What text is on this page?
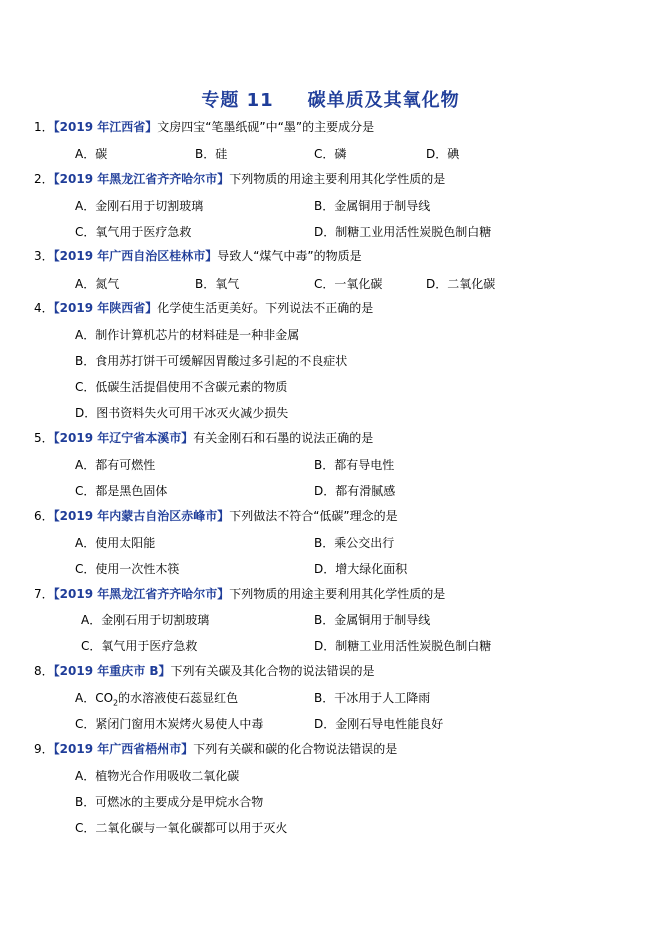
专题 11 碳单质及其氧化物
1．【2019 年江西省】文房四宝“笔墨纸砚”中“墨”的主要成分是
A．碳	B．硅	C．磷	D．碘
2．【2019 年黑龙江省齐齐哈尔市】下列物质的用途主要利用其化学性质的是
A．金刚石用于切割玻璃	B．金属铜用于制导线
C．氧气用于医疗急救	D．制糖工业用活性炭脱色制白糖
3．【2019 年广西自治区桂林市】导致人“煤气中毒”的物质是
A．氮气	B．氧气	C．一氧化碳	D．二氧化碳
4．【2019 年陕西省】化学使生活更美好。下列说法不正确的是
A．制作计算机芯片的材料硅是一种非金属
B．食用苏打饼干可缓解因胃酸过多引起的不良症状
C．低碳生活提倡使用不含碳元素的物质
D．图书资料失火可用干冰灭火减少损失
5．【2019 年辽宁省本溪市】有关金刚石和石墨的说法正确的是
A．都有可燃性	B．都有导电性
C．都是黑色固体	D．都有滑腻感
6．【2019 年内蒙古自治区赤峰市】下列做法不符合“低碳”理念的是
A．使用太阳能	B．乘公交出行
C．使用一次性木筷	D．增大绿化面积
7．【2019 年黑龙江省齐齐哈尔市】下列物质的用途主要利用其化学性质的是
A．金刚石用于切割玻璃	B．金属铜用于制导线
C．氧气用于医疗急救	D．制糖工业用活性炭脱色制白糖
8．【2019 年重庆市 B】下列有关碳及其化合物的说法错误的是
A．$CO_2$的水溶液使石蕊显红色	B．干冰用于人工降雨
C．紧闭门窗用木炭烤火易使人中毒	D．金刚石导电性能良好
9．【2019 年广西省梧州市】下列有关碳和碳的化合物说法错误的是
A．植物光合作用吸收二氧化碳
B．可燃冰的主要成分是甲烷水合物
C．二氧化碳与一氧化碳都可以用于灭火
